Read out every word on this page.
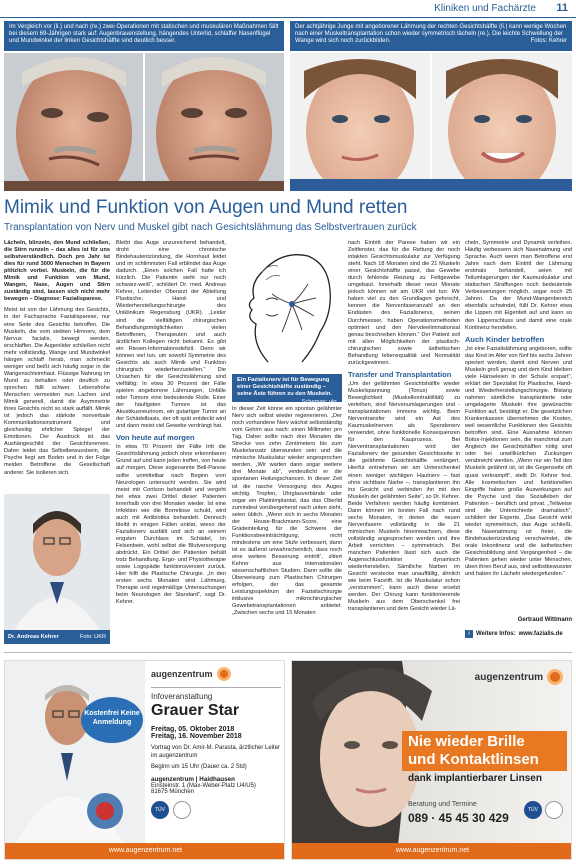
Kliniken und Fachärzte 11
Im Vergleich vor (li.) und nach (re.) zwei Operationen mit statischen und muskulären Maßnahmen fällt bei diesem 69-Jährigen stark auf: Augenbrauenstellung, hängendes Unterlid, schlaffer Nasenflügel und Mundwinkel der linken Gesichtshälfte sind deutlich besser.
Der achtjährige Junge mit angeborener Lähmung der rechten Gesichtshälfte (li.) kann wenige Wochen nach einer Muskeltransplantation schon wieder symmetrisch lächeln (re.). Die leichte Schwellung der Wange wird sich noch zurückbilden.	Fotos: Kehrer
Mimik und Funktion von Augen und Mund retten
Transplantation von Nerv und Muskel gibt nach Gesichtslähmung das Selbstvertrauen zurück

Lächeln, blinzeln, den Mund schließen, die Stirn runzeln – das alles ist für uns selbstverständlich. Doch pro Jahr ist dies für rund 3000 Menschen in Bayern plötzlich vorbei. Muskeln, die für die Mimik und Funktion von Mund, Wangen, Nase, Augen und Stirn zuständig sind, lassen sich nicht mehr bewegen – Diagnose: Fazialisparese.

Meist ist von der Lähmung des Gesichts, in der Fachsprache Fazialisparese, nur eine Seite des Gesichts betroffen. Die Muskeln, die vom siebten Hirnnerv, dem Nervus facialis, bewegt werden, erschlaffen. Die Augenlider schließen nicht mehr vollständig, Wange und Mundwinkel hängen schlaff herab, man schmeckt weniger und beißt sich häufig sogar in die Wangenschleimhaut. Flüssige Nahrung im Mund zu behalten oder deutlich zu sprechen fällt schwer. Lebensfrohe Menschen vermeiden nun Lachen und Mimik generell, damit die Asymmetrie ihres Gesichts nicht so stark auffällt. Mimik ist jedoch das stärkste nonverbale Kommunikationsinstrument und gleichzeitig ehrlicher Spiegel der Emotionen. Der Ausdruck ist das Aushängeschild der Gesichtsnerven. Daher leidet das Selbstbewusstsein, die Psyche liegt am Boden und in der Folge meiden Betroffene die Gesellschaft anderer. Sie isolieren sich.

Dr. Andreas Kehrer	Foto: UKR

Bleibt das Auge unzureichend behandelt, droht eine chronische Bindehautentzündung, die Hornhaut leidet und im schlimmsten Fall erblindet das Auge dadurch. „Einen solchen Fall hatte ich kürzlich. Die Patientin sieht nur noch schwarz-weiß“, schildert Dr. med. Andreas Kehrer, Leitender Oberarzt der Abteilung Plastische, Hand- und Wiederherstellungschirurgie des Uniklinikum Regensburg (UKR). „Leider sind die vielfältigen chirurgischen Behandlungsmöglichkeiten vielen Betroffenen, Therapeuten und auch ärztlichen Kollegen nicht bekannt. Es gibt ein Riesen-Informationsdefizit. Denn wir können viel tun, um sowohl Symmetrie des Gesichts als auch Mimik und Funktion chirurgisch wiederherzustellen.“ Die Ursachen für die Gesichtslähmung sind vielfältig: In etwa 30 Prozent der Fälle spielen angeborene Lähmungen, Unfälle oder Tumore eine bedeutende Rolle. Einer der häufigsten Tumore ist das Akustikusneurinom, ein gutartiger Tumor an der Schädelbasis, der oft spät entdeckt wird und dann meist viel Gewebe verdrängt hat.

Von heute auf morgen

In etwa 70 Prozent der Fälle tritt die Gesichtslähmung jedoch ohne erkennbaren Grund auf und kann jeden treffen, von heute auf morgen. Diese sogenannte Bell-Parese sollte unmittelbar nach Beginn vom Neurologen untersucht werden. Sie wird meist mit Cortison behandelt und vergeht bei etwa zwei Drittel dieser Patienten innerhalb von drei Monaten wieder. Ist eine Infektion wie die Borreliose schuld, wird auch mit Antibiotika behandelt. Dennoch bleibt in einigen Fällen unklar, wieso der Fazialisnerv ausfällt und sich an seinem engsten Durchlass im Schädel, im Felsenbein, wohl selbst die Blutversorgung abdrückt. Ein Drittel der Patienten behält trotz Behandlung. Ergo- und Physiotherapie sowie Logopädie funktionsversiert zurück. Hier hilft die Plastische Chirurgie. „In den ersten sechs Monaten sind Lähmung, Therapie und regelmäßige Untersuchungen beim Neurologen der Standard“, sagt Dr. Kehrer.

Ein Fazialisnerv ist für Bewegung einer Gesichtshälfte zuständig – seine Äste führen zu den Muskeln.
Schemas: ukr

In dieser Zeit könne ein spontan gelähmter Nerv sich selbst wieder regenerieren. „Der noch vorhandene Nerv wächst selbstständig vom Gehirn aus nach: einen Millimeter pro Tag. Daher sollte nach drei Monaten die Strecke von zehn Zentimetern bis zum Muskelansatz überwunden sein und die mimische Muskulatur wieder angesprochen werden. „Wir warten dann sogar weitere drei Monate ab“, verdeutlicht er die spontanen Heilungschancen. In dieser Zeit ist die rasche Versorgung des Auges wichtig. Tropfen, Uhrglasverbände oder sogar ein Platinimplantat, das das Oberlid zumindest vorübergehend nach unten zieht, seien üblich. „Wenn sich in sechs Monaten der House-Brackmann-Score, eine Gradeinteilung für die Schwere der Funktionsbeeinträchtigung, nicht mindestens um eine Stufe verbessert, dann ist es äußerst unwahrscheinlich, dass noch eine weitere Besserung eintritt“, zitiert Kehrer aus internationalen wissenschaftlichen Studien. Dann sollte die Überweisung zum Plastischen Chirurgen erfolgen, der das gesamte Leistungsspektrum der Fazialischirurgie inklusive mikrochirurgischer Gewebetransplantationen anbietet. „Zwischen sechs und 15 Monaten

nach Eintritt der Parese haben wir ein Zeitfenster, das für die Rettung der noch intakten Gesichtsmuskulatur zur Verfügung steht. Nach 18 Monaten sind die 21 Muskeln einer Gesichtshälfte passé, das Gewebe durch fehlende Reizung zu Fettgewebe umgebaut. Innerhalb dieser neun Monate jedoch können wir am UKR viel tun: Wir haben viel zu den Grundlagen geforscht, kennen die Nervenfaseranzahl an den Endästen des Fazialisnervs, seinen Durchmesser, haben Operationsmethoden optimiert und den Nervdeeliminationsal genau beschreiben können.“ Der Patient soll mit allen Möglichkeiten der plastisch-chirurgischen sowie ästhetischen Behandlung lebensqualität und Normalität zurückgewinnen.

Transfer und Transplantation

„Um der gelähmten Gesichtshälfte wieder Muskelspannung (Tonus) sowie Beweglichkeit (Muskelkontraktilität) zu verleihen, sind Nervenumlagerungen und -transplantationen immens wichtig. Beim Nerventransfer wird ein Ast des Kaumuskelnerven als Spendenerv verwendet, ohne funktionelle Konsequenzen für den Kauprozess. Bei Nerventransplantationen wird der Fazialisnerv der gesunden Gesichtsseite in die gelähmte Gesichtshälfte verlängert. Hierfür entnehmen wir am Unterschenkel einen weniger wichtigen Hautnerv – fast ohne sichtbare Narbe –, transplantieren ihn ins Gesicht und verbinden ihn mit den Muskeln der gelähmten Seite“, so Dr. Kehrer. Beide Verfahren werden häufig kombiniert. Dann können im besten Fall nach rund sechs Monaten, in denen die neuen Nervenfasern vollständig in die 21 mimischen Muskeln hineinwachsen, diese vollständig angesprochen werden und ihre Arbeit verrichten – symmetrisch. Bei manchen Patienten lässt sich auch die Augenschlussfunktion dynamisch wiederherstellen. Sämtliche Narben im Gesicht verstecke man unauffällig, ähnlich wie beim Facelift. Ist die Muskulatur schon „verstummen“, kann auch diese ersetzt werden. Der Chirurg kann funktionierende Muskeln aus dem Oberschenkel frei transplantieren und dem Gesicht wieder Lä-

cheln, Symmetrie und Dynamik verleihen. Häufig verbessern sich Nasenatmung und Sprache. Auch wenn man Betroffene erst Jahre nach dem Eintritt der Lähmung erstmals behandelt, seien mit Teilumlagerungen der Kaumuskulatur und statischen Straffungen noch bedeutende Verbesserungen möglich, sogar noch 25 Jahren. Da der Mund-Wangenbereich ebenfalls schwindet, füllt Dr. Kehrer etwa die Lippen mit Eigenfett auf und kann so den Lippenschluss und damit eine orale Kontinenz herstellen.

Auch Kinder betroffen

„Ist eine Fazialislähmung angeboren, sollte das Kind im Alter von fünf bis sechs Jahren operiert werden, damit sind Nerven und Muskeln groß genug und dem Kind bleiben viele Hänseleien in der Schule erspart“, erklärt der Spezialist für Plastische, Hand- und Wiederherstellungschirurgie. Bislang nahmen sämtliche transplantierte oder umgelagerte Muskeln ihre gewünschte Funktion auf, bestätigt er. Die gesetzlichen Krankenkassen übernehmen die Kosten, weil wesentliche Funktionen des Gesichts betroffen sind. Eine Ausnahme können Botox-Injektionen sein, die manchmal zum Angleich der Gesichtshälften nötig sind oder bei unwillkürlichen Zuckungen verabreicht werden. „Wenn nur ein Teil des Muskels gelähmt ist, ist die Gegenseite oft quasi verkrampft“, stellt Dr. Kehrer fest. Alle kosmetischen und funktionellen Eingriffe haben große Auswirkungen auf die Psyche und das Sozialleben der Patienten – beruflich und privat. „Teilweise sind die Unterschiede dramatisch“, schildert der Experte. „Das Gesicht wirkt wieder symmetrisch, das Auge schließt, die Nasenatmung ist freier, die Bindehautentzündung verschwindet, die orale Inkontinenz und die ästhetischen Gesichtsbildung sind Vergangenheit – die Patienten gehen wieder unter Menschen, üben ihren Beruf aus, sind selbstbewusster und haben ihr Lächeln wiedergefunden.“

Gertraud Wittmann
i	Weitere Infos: www.fazialis.de
Kostenfrei Keine Anmeldung
augenzentrum
Infoveranstaltung
Grauer Star
Freitag, 05. Oktober 2018
Freitag, 16. November 2018
Vortrag von Dr. Amir-M. Parasta, ärztlicher Leiter im augenzentrum
Beginn um 15 Uhr (Dauer ca. 2 Std)
augenzentrum | Haidhausen
Einsteinstr. 1 (Max-Weber-Platz U4/U5)
81675 München
TÜV
www.augenzentrum.net
augenzentrum
Nie wieder Brille
und Kontaktlinsen
dank implantierbarer Linsen
Beratung und Termine
089 · 45 45 30 429
TÜV
www.augenzentrum.net
